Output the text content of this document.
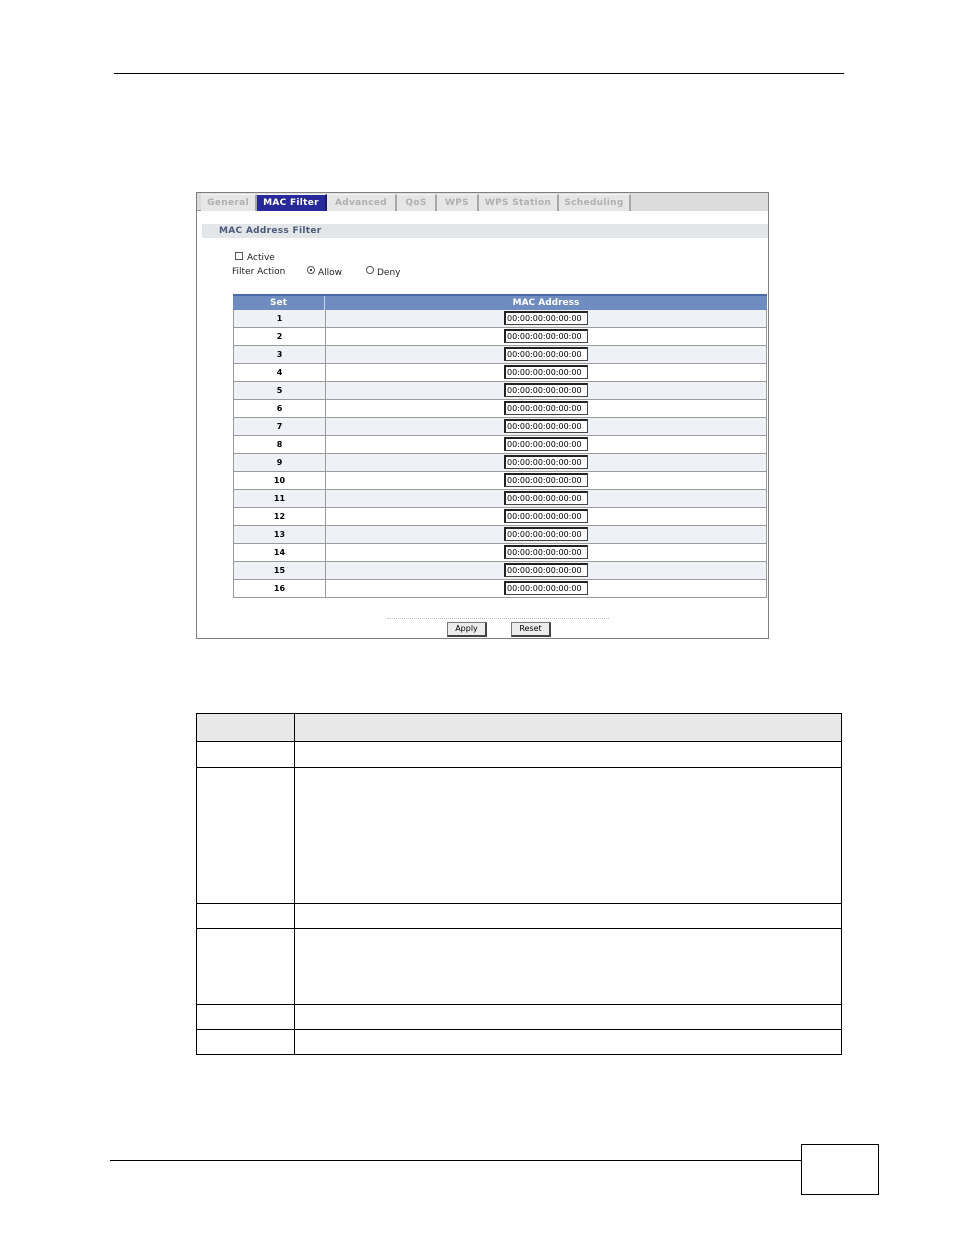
General	MAC Filter	Advanced	QoS	WPS	WPS Station	Scheduling
MAC Address Filter
Active
Filter Action	Allow	Deny
Set	MAC Address
1	00:00:00:00:00:00
2	00:00:00:00:00:00
3	00:00:00:00:00:00
4	00:00:00:00:00:00
5	00:00:00:00:00:00
6	00:00:00:00:00:00
7	00:00:00:00:00:00
8	00:00:00:00:00:00
9	00:00:00:00:00:00
10	00:00:00:00:00:00
11	00:00:00:00:00:00
12	00:00:00:00:00:00
13	00:00:00:00:00:00
14	00:00:00:00:00:00
15	00:00:00:00:00:00
16	00:00:00:00:00:00
Apply	Reset
